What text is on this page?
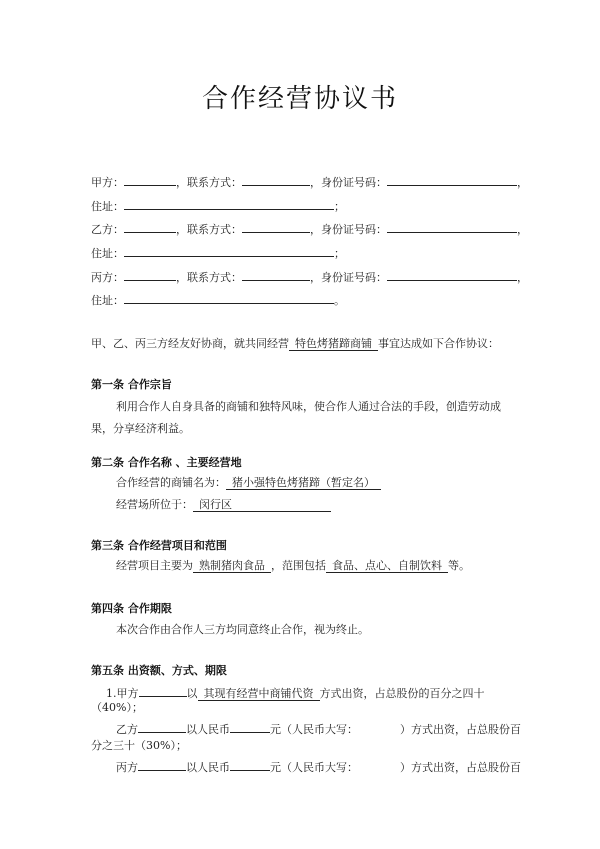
合作经营协议书
甲方：	，联系方式：	，身份证号码：	，
住址：	；
乙方：	，联系方式：	，身份证号码：	，
住址：	；
丙方：	，联系方式：	，身份证号码：	，
住址：	。
甲、乙、丙三方经友好协商，就共同经营 特色烤猪蹄商铺 事宜达成如下合作协议：
第一条 合作宗旨
利用合作人自身具备的商铺和独特风味，使合作人通过合法的手段，创造劳动成果，分享经济利益。
第二条 合作名称 、主要经营地
合作经营的商铺名为： 猪小强特色烤猪蹄（暂定名）
经营场所位于： 闵行区
第三条 合作经营项目和范围
经营项目主要为 熟制猪肉食品 ，范围包括 食品、点心、自制饮料 等。
第四条 合作期限
本次合作由合作人三方均同意终止合作，视为终止。
第五条 出资额、方式、期限
1.甲方	以 其现有经营中商铺代资 方式出资，占总股份的百分之四十
（40%）；
乙方	以人民币	元（人民币大写：	）方式出资，占总股份百
分之三十（30%）；
丙方	以人民币	元（人民币大写：	）方式出资，占总股份百
